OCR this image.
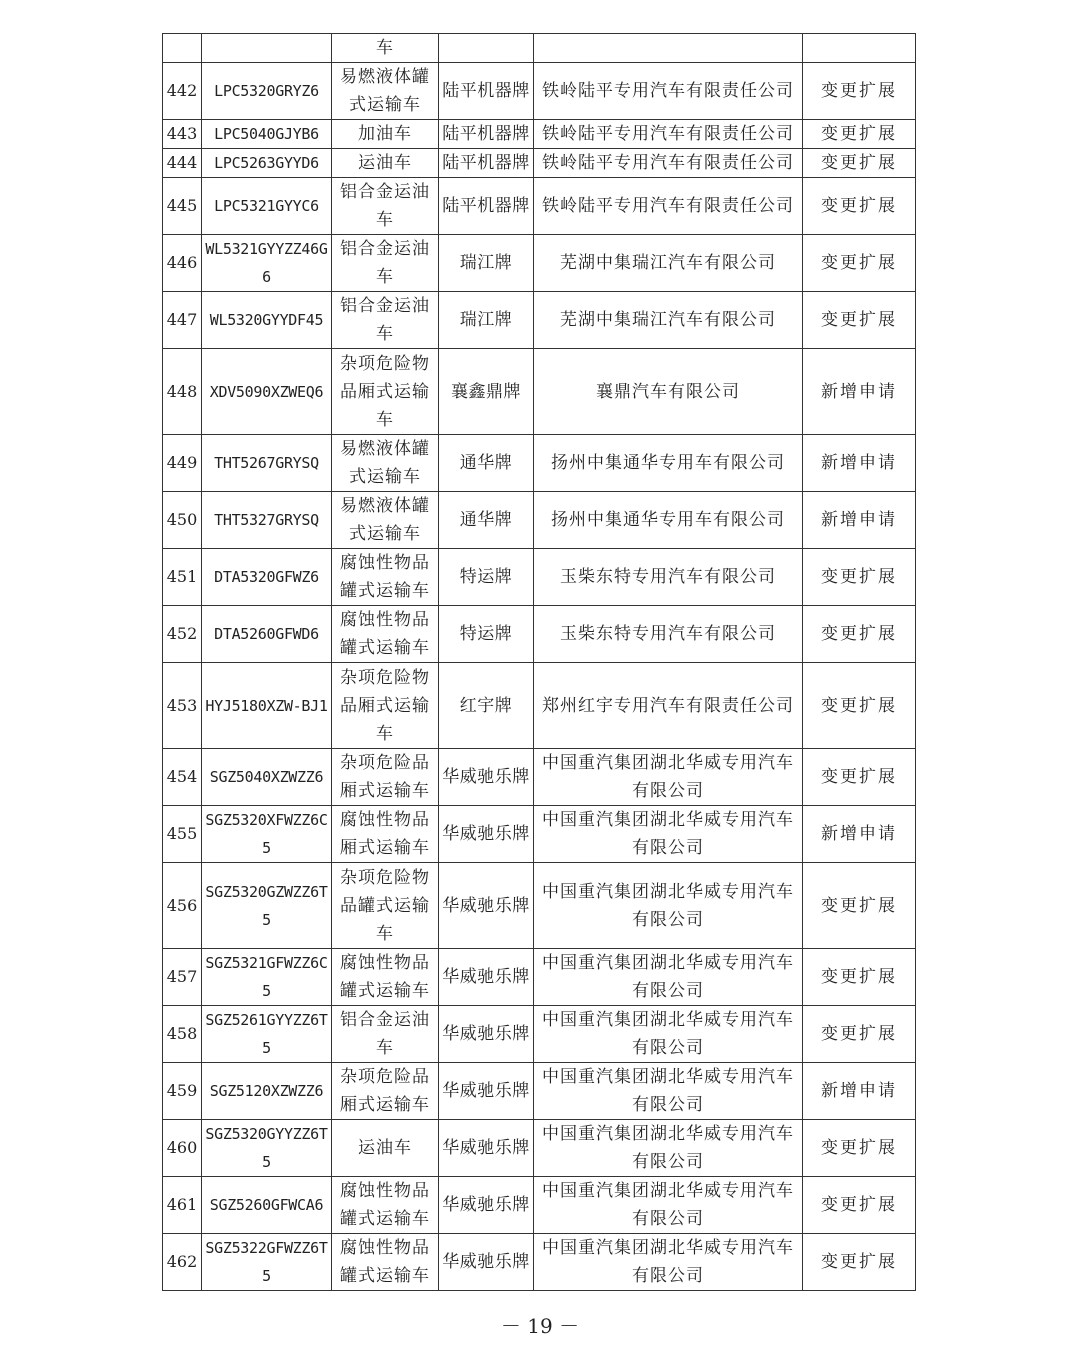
		车			
442	LPC5320GRYZ6	易燃液体罐式运输车	陆平机器牌	铁岭陆平专用汽车有限责任公司	变更扩展
443	LPC5040GJYB6	加油车	陆平机器牌	铁岭陆平专用汽车有限责任公司	变更扩展
444	LPC5263GYYD6	运油车	陆平机器牌	铁岭陆平专用汽车有限责任公司	变更扩展
445	LPC5321GYYC6	铝合金运油车	陆平机器牌	铁岭陆平专用汽车有限责任公司	变更扩展
446	WL5321GYYZZ46G6	铝合金运油车	瑞江牌	芜湖中集瑞江汽车有限公司	变更扩展
447	WL5320GYYDF45	铝合金运油车	瑞江牌	芜湖中集瑞江汽车有限公司	变更扩展
448	XDV5090XZWEQ6	杂项危险物品厢式运输车	襄鑫鼎牌	襄鼎汽车有限公司	新增申请
449	THT5267GRYSQ	易燃液体罐式运输车	通华牌	扬州中集通华专用车有限公司	新增申请
450	THT5327GRYSQ	易燃液体罐式运输车	通华牌	扬州中集通华专用车有限公司	新增申请
451	DTA5320GFWZ6	腐蚀性物品罐式运输车	特运牌	玉柴东特专用汽车有限公司	变更扩展
452	DTA5260GFWD6	腐蚀性物品罐式运输车	特运牌	玉柴东特专用汽车有限公司	变更扩展
453	HYJ5180XZW-BJ1	杂项危险物品厢式运输车	红宇牌	郑州红宇专用汽车有限责任公司	变更扩展
454	SGZ5040XZWZZ6	杂项危险品厢式运输车	华威驰乐牌	中国重汽集团湖北华威专用汽车有限公司	变更扩展
455	SGZ5320XFWZZ6C5	腐蚀性物品厢式运输车	华威驰乐牌	中国重汽集团湖北华威专用汽车有限公司	新增申请
456	SGZ5320GZWZZ6T5	杂项危险物品罐式运输车	华威驰乐牌	中国重汽集团湖北华威专用汽车有限公司	变更扩展
457	SGZ5321GFWZZ6C5	腐蚀性物品罐式运输车	华威驰乐牌	中国重汽集团湖北华威专用汽车有限公司	变更扩展
458	SGZ5261GYYZZ6T5	铝合金运油车	华威驰乐牌	中国重汽集团湖北华威专用汽车有限公司	变更扩展
459	SGZ5120XZWZZ6	杂项危险品厢式运输车	华威驰乐牌	中国重汽集团湖北华威专用汽车有限公司	新增申请
460	SGZ5320GYYZZ6T5	运油车	华威驰乐牌	中国重汽集团湖北华威专用汽车有限公司	变更扩展
461	SGZ5260GFWCA6	腐蚀性物品罐式运输车	华威驰乐牌	中国重汽集团湖北华威专用汽车有限公司	变更扩展
462	SGZ5322GFWZZ6T5	腐蚀性物品罐式运输车	华威驰乐牌	中国重汽集团湖北华威专用汽车有限公司	变更扩展
－ 19 －
